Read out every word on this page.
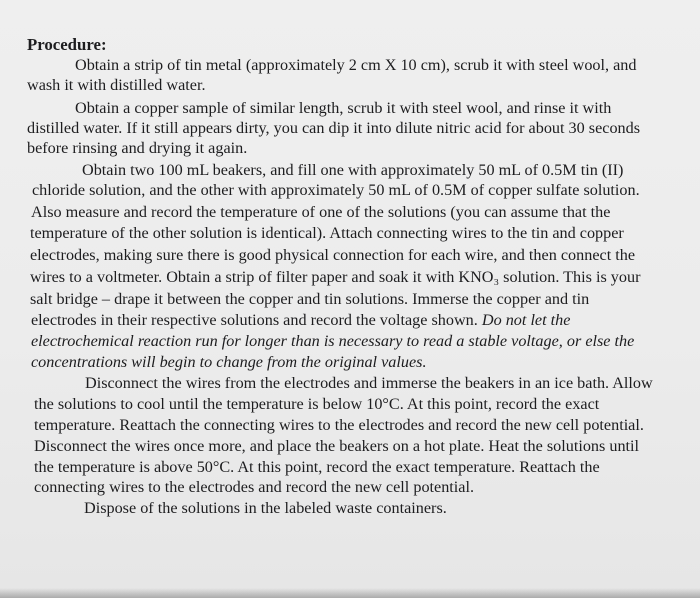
Procedure:
Obtain a strip of tin metal (approximately 2 cm X 10 cm), scrub it with steel wool, and
wash it with distilled water.
Obtain a copper sample of similar length, scrub it with steel wool, and rinse it with
distilled water. If it still appears dirty, you can dip it into dilute nitric acid for about 30 seconds
before rinsing and drying it again.
Obtain two 100 mL beakers, and fill one with approximately 50 mL of 0.5M tin (II)
chloride solution, and the other with approximately 50 mL of 0.5M of copper sulfate solution.
Also measure and record the temperature of one of the solutions (you can assume that the
temperature of the other solution is identical). Attach connecting wires to the tin and copper
electrodes, making sure there is good physical connection for each wire, and then connect the
wires to a voltmeter. Obtain a strip of filter paper and soak it with KNO₃ solution. This is your
salt bridge – drape it between the copper and tin solutions. Immerse the copper and tin
electrodes in their respective solutions and record the voltage shown. Do not let the
electrochemical reaction run for longer than is necessary to read a stable voltage, or else the
concentrations will begin to change from the original values.
Disconnect the wires from the electrodes and immerse the beakers in an ice bath. Allow
the solutions to cool until the temperature is below 10°C. At this point, record the exact
temperature. Reattach the connecting wires to the electrodes and record the new cell potential.
Disconnect the wires once more, and place the beakers on a hot plate. Heat the solutions until
the temperature is above 50°C. At this point, record the exact temperature. Reattach the
connecting wires to the electrodes and record the new cell potential.
Dispose of the solutions in the labeled waste containers.
